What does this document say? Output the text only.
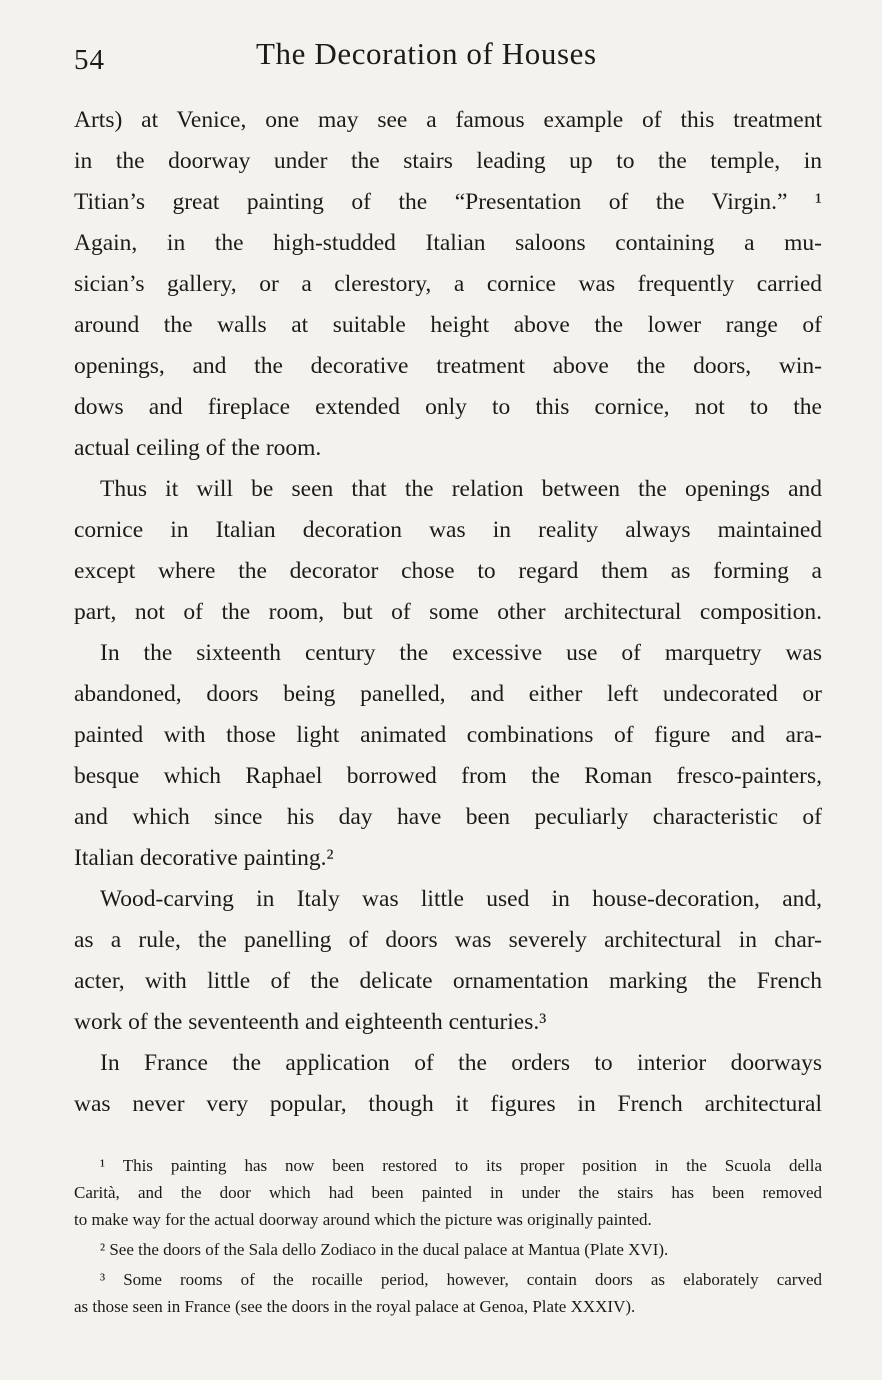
54	The Decoration of Houses
Arts) at Venice, one may see a famous example of this treatment
in the doorway under the stairs leading up to the temple, in
Titian’s great painting of the “Presentation of the Virgin.” ¹
Again, in the high-studded Italian saloons containing a mu-
sician’s gallery, or a clerestory, a cornice was frequently carried
around the walls at suitable height above the lower range of
openings, and the decorative treatment above the doors, win-
dows and fireplace extended only to this cornice, not to the
actual ceiling of the room.
Thus it will be seen that the relation between the openings and
cornice in Italian decoration was in reality always maintained
except where the decorator chose to regard them as forming a
part, not of the room, but of some other architectural composition.
In the sixteenth century the excessive use of marquetry was
abandoned, doors being panelled, and either left undecorated or
painted with those light animated combinations of figure and ara-
besque which Raphael borrowed from the Roman fresco-painters,
and which since his day have been peculiarly characteristic of
Italian decorative painting.²
Wood-carving in Italy was little used in house-decoration, and,
as a rule, the panelling of doors was severely architectural in char-
acter, with little of the delicate ornamentation marking the French
work of the seventeenth and eighteenth centuries.³
In France the application of the orders to interior doorways
was never very popular, though it figures in French architectural
¹ This painting has now been restored to its proper position in the Scuola della
Carità, and the door which had been painted in under the stairs has been removed
to make way for the actual doorway around which the picture was originally painted.
² See the doors of the Sala dello Zodiaco in the ducal palace at Mantua (Plate XVI).
³ Some rooms of the rocaille period, however, contain doors as elaborately carved
as those seen in France (see the doors in the royal palace at Genoa, Plate XXXIV).
